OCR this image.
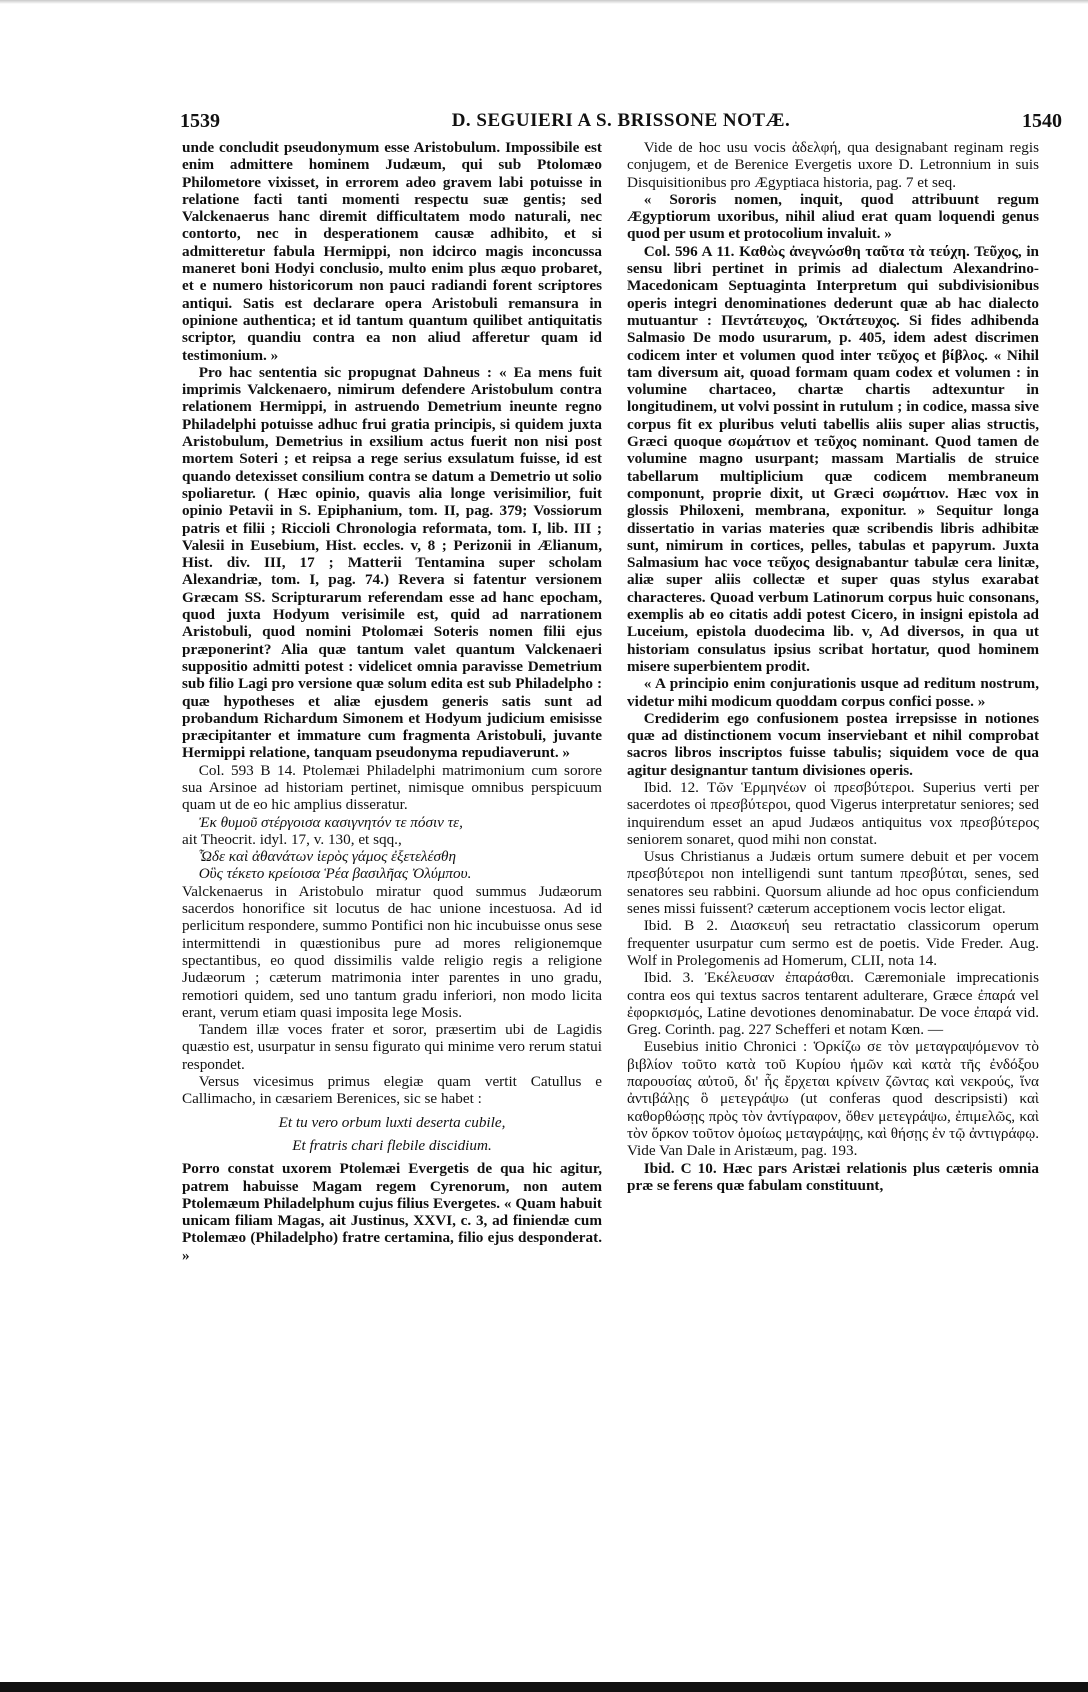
1539	D. SEGUIERI A S. BRISSONE NOTÆ.	1540

unde concludit pseudonymum esse Aristobulum. Impossibile est enim admittere hominem Judæum, qui sub Ptolomæo Philometore vixisset, in errorem adeo gravem labi potuisse in relatione facti tanti momenti respectu suæ gentis; sed Valckenaerus hanc diremit difficultatem modo naturali, nec contorto, nec in desperationem causæ adhibito, et si admitteretur fabula Hermippi, non idcirco magis inconcussa maneret boni Hodyi conclusio, multo enim plus æquo probaret, et e numero historicorum non pauci radiandi forent scriptores antiqui. Satis est declarare opera Aristobuli remansura in opinione authentica; et id tantum quantum quilibet antiquitatis scriptor, quandiu contra ea non aliud afferetur quam id testimonium. »

Pro hac sententia sic propugnat Dahneus : « Ea mens fuit imprimis Valckenaero, nimirum defendere Aristobulum contra relationem Hermippi, in astruendo Demetrium ineunte regno Philadelphi potuisse adhuc frui gratia principis, si quidem juxta Aristobulum, Demetrius in exsilium actus fuerit non nisi post mortem Soteri ; et reipsa a rege serius exsulatum fuisse, id est quando detexisset consilium contra se datum a Demetrio ut solio spoliaretur. ( Hæc opinio, quavis alia longe verisimilior, fuit opinio Petavii in S. Epiphanium, tom. II, pag. 379; Vossiorum patris et filii ; Riccioli Chronologia reformata, tom. I, lib. III ; Valesii in Eusebium, Hist. eccles. v, 8 ; Perizonii in Ælianum, Hist. div. III, 17 ; Matterii Tentamina super scholam Alexandriæ, tom. I, pag. 74.) Revera si fatentur versionem Græcam SS. Scripturarum referendam esse ad hanc epocham, quod juxta Hodyum verisimile est, quid ad narrationem Aristobuli, quod nomini Ptolomæi Soteris nomen filii ejus præponerint? Alia quæ tantum valet quantum Valckenaeri suppositio admitti potest : videlicet omnia paravisse Demetrium sub filio Lagi pro versione quæ solum edita est sub Philadelpho : quæ hypotheses et aliæ ejusdem generis satis sunt ad probandum Richardum Simonem et Hodyum judicium emisisse præcipitanter et immature cum fragmenta Aristobuli, juvante Hermippi relatione, tanquam pseudonyma repudiaverunt. »

Col. 593 B 14. Ptolemæi Philadelphi matrimonium cum sorore sua Arsinoe ad historiam pertinet, nimisque omnibus perspicuum quam ut de eo hic amplius disseratur.

Ἐκ θυμοῦ στέργοισα κασιγνητόν τε πόσιν τε,

ait Theocrit. idyl. 17, v. 130, et sqq.,

Ὧδε καὶ ἀθανάτων ἱερὸς γάμος ἐξετελέσθη

Οὓς τέκετο κρείοισα Ῥέα βασιλῆας Ὀλύμπου.

Valckenaerus in Aristobulo miratur quod summus Judæorum sacerdos honorifice sit locutus de hac unione incestuosa. Ad id perlicitum respondere, summo Pontifici non hic incubuisse onus sese intermittendi in quæstionibus pure ad mores religionemque spectantibus, eo quod dissimilis valde religio regis a religione Judæorum ; cæterum matrimonia inter parentes in uno gradu, remotiori quidem, sed uno tantum gradu inferiori, non modo licita erant, verum etiam quasi imposita lege Mosis.

Tandem illæ voces frater et soror, præsertim ubi de Lagidis quæstio est, usurpatur in sensu figurato qui minime vero rerum statui respondet.

Versus vicesimus primus elegiæ quam vertit Catullus e Callimacho, in cæsariem Berenices, sic se habet :

Et tu vero orbum luxti deserta cubile,

Et fratris chari flebile discidium.

Porro constat uxorem Ptolemæi Evergetis de qua hic agitur, patrem habuisse Magam regem Cyrenorum, non autem Ptolemæum Philadelphum cujus filius Evergetes. « Quam habuit unicam filiam Magas, ait Justinus, XXVI, c. 3, ad finiendæ cum Ptolemæo (Philadelpho) fratre certamina, filio ejus desponderat. »

Vide de hoc usu vocis ἀδελφή, qua designabant reginam regis conjugem, et de Berenice Evergetis uxore D. Letronnium in suis Disquisitionibus pro Ægyptiaca historia, pag. 7 et seq.

« Sororis nomen, inquit, quod attribuunt regum Ægyptiorum uxoribus, nihil aliud erat quam loquendi genus quod per usum et protocolium invaluit. »

Col. 596 A 11. Καθὼς ἀνεγνώσθη ταῦτα τὰ τεύχη. Τεῦχος, in sensu libri pertinet in primis ad dialectum Alexandrino-Macedonicam Septuaginta Interpretum qui subdivisionibus operis integri denominationes dederunt quæ ab hac dialecto mutuantur : Πεντάτευχος, Ὀκτάτευχος. Si fides adhibenda Salmasio De modo usurarum, p. 405, idem adest discrimen codicem inter et volumen quod inter τεῦχος et βίβλος. « Nihil tam diversum ait, quoad formam quam codex et volumen : in volumine chartaceo, chartæ chartis adtexuntur in longitudinem, ut volvi possint in rutulum ; in codice, massa sive corpus fit ex pluribus veluti tabellis aliis super alias structis, Græci quoque σωμάτιον et τεῦχος nominant. Quod tamen de volumine magno usurpant; massam Martialis de struice tabellarum multiplicium quæ codicem membraneum componunt, proprie dixit, ut Græci σωμάτιον. Hæc vox in glossis Philoxeni, membrana, exponitur. » Sequitur longa dissertatio in varias materies quæ scribendis libris adhibitæ sunt, nimirum in cortices, pelles, tabulas et papyrum. Juxta Salmasium hac voce τεῦχος designabantur tabulæ cera linitæ, aliæ super aliis collectæ et super quas stylus exarabat characteres. Quoad verbum Latinorum corpus huic consonans, exemplis ab eo citatis addi potest Cicero, in insigni epistola ad Luceium, epistola duodecima lib. v, Ad diversos, in qua ut historiam consulatus ipsius scribat hortatur, quod hominem misere superbientem prodit.

« A principio enim conjurationis usque ad reditum nostrum, videtur mihi modicum quoddam corpus confici posse. »

Crediderim ego confusionem postea irrepsisse in notiones quæ ad distinctionem vocum inserviebant et nihil comprobat sacros libros inscriptos fuisse tabulis; siquidem voce de qua agitur designantur tantum divisiones operis.

Ibid. 12. Τῶν Ἑρμηνέων οἱ πρεσβύτεροι. Superius verti per sacerdotes οἱ πρεσβύτεροι, quod Vigerus interpretatur seniores; sed inquirendum esset an apud Judæos antiquitus vox πρεσβύτερος seniorem sonaret, quod mihi non constat.

Usus Christianus a Judæis ortum sumere debuit et per vocem πρεσβύτεροι non intelligendi sunt tantum πρεσβύται, senes, sed senatores seu rabbini. Quorsum aliunde ad hoc opus conficiendum senes missi fuissent? cæterum acceptionem vocis lector eligat.

Ibid. B 2. Διασκευή seu retractatio classicorum operum frequenter usurpatur cum sermo est de poetis. Vide Freder. Aug. Wolf in Prolegomenis ad Homerum, CLII, nota 14.

Ibid. 3. Ἐκέλευσαν ἐπαράσθαι. Cæremoniale imprecationis contra eos qui textus sacros tentarent adulterare, Græce ἐπαρά vel ἐφορκισμός, Latine devotiones denominabatur. De voce ἐπαρά vid. Greg. Corinth. pag. 227 Schefferi et notam Kœn. —

Eusebius initio Chronici : Ὁρκίζω σε τὸν μεταγραψόμενον τὸ βιβλίον τοῦτο κατὰ τοῦ Κυρίου ἡμῶν καὶ κατὰ τῆς ἐνδόξου παρουσίας αὐτοῦ, δι' ἧς ἔρχεται κρίνειν ζῶντας καὶ νεκρούς, ἵνα ἀντιβάλῃς ὃ μετεγράψω (ut conferas quod descripsisti) καὶ καθορθώσῃς πρὸς τὸν ἀντίγραφον, ὅθεν μετεγράψω, ἐπιμελῶς, καὶ τὸν ὅρκον τοῦτον ὁμοίως μεταγράψῃς, καὶ θήσῃς ἐν τῷ ἀντιγράφῳ. Vide Van Dale in Aristæum, pag. 193.

Ibid. C 10. Hæc pars Aristæi relationis plus cæteris omnia præ se ferens quæ fabulam constituunt,
